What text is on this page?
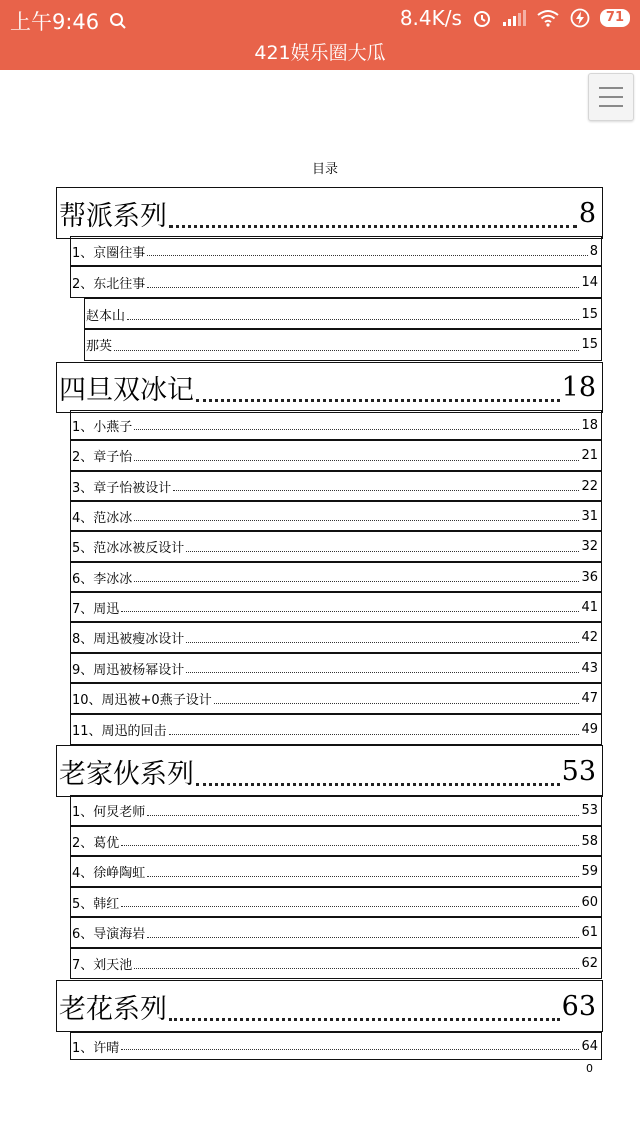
上午9:46	8.4K/s	71
421娱乐圈大瓜
目录
帮派系列	8
1、京圈往事	8
2、东北往事	14
赵本山	15
那英	15
四旦双冰记	18
1、小燕子	18
2、章子怡	21
3、章子怡被设计	22
4、范冰冰	31
5、范冰冰被反设计	32
6、李冰冰	36
7、周迅	41
8、周迅被瘦冰设计	42
9、周迅被杨幂设计	43
10、周迅被+0燕子设计	47
11、周迅的回击	49
老家伙系列	53
1、何炅老师	53
2、葛优	58
4、徐峥陶虹	59
5、韩红	60
6、导演海岩	61
7、刘天池	62
老花系列	63
1、许晴	64
0
